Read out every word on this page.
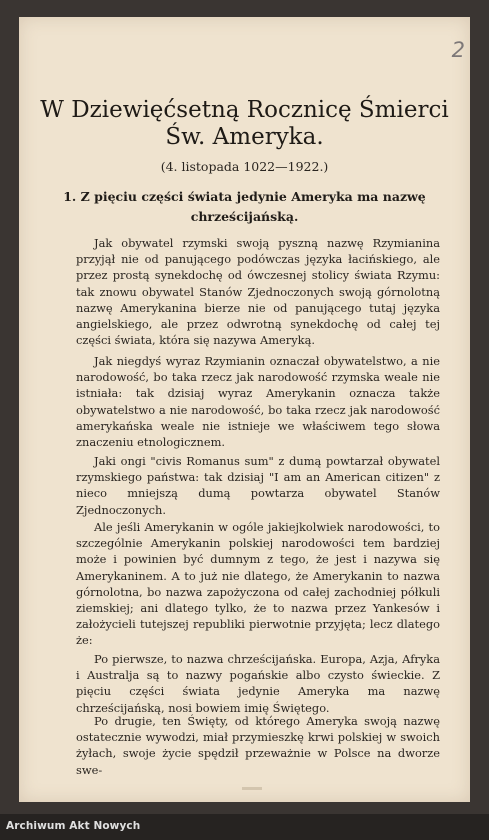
2
W Dziewięćsetną Rocznicę Śmierci
Św. Ameryka.
(4. listopada 1022—1922.)
1. Z pięciu części świata jedynie Ameryka ma nazwę chrześcijańską.

Jak obywatel rzymski swoją pyszną nazwę Rzymianina przyjął nie od panującego podówczas języka łacińskiego, ale przez prostą synekdochę od ówczesnej stolicy świata Rzymu: tak znowu obywatel Stanów Zjednoczonych swoją górnolotną nazwę Amerykanina bierze nie od panującego tutaj języka angielskiego, ale przez odwrotną synekdochę od całej tej części świata, która się nazywa Ameryką.

Jak niegdyś wyraz Rzymianin oznaczał obywatelstwo, a nie narodowość, bo taka rzecz jak narodowość rzymska weale nie istniała: tak dzisiaj wyraz Amerykanin oznacza także obywatelstwo a nie narodowość, bo taka rzecz jak narodowość amerykańska weale nie istnieje we właściwem tego słowa znaczeniu etnologicznem.

Jaki ongi "civis Romanus sum" z dumą powtarzał obywatel rzymskiego państwa: tak dzisiaj "I am an American citizen" z nieco mniejszą dumą powtarza obywatel Stanów Zjednoczonych.

Ale jeśli Amerykanin w ogóle jakiejkolwiek narodowości, to szczególnie Amerykanin polskiej narodowości tem bardziej może i powinien być dumnym z tego, że jest i nazywa się Amerykaninem. A to już nie dlatego, że Amerykanin to nazwa górnolotna, bo nazwa zapożyczona od całej zachodniej półkuli ziemskiej; ani dlatego tylko, że to nazwa przez Yankesów i założycieli tutejszej republiki pierwotnie przyjęta; lecz dlatego że:

Po pierwsze, to nazwa chrześcijańska. Europa, Azja, Afryka i Australja są to nazwy pogańskie albo czysto świeckie. Z pięciu części świata jedynie Ameryka ma nazwę chrześcijańską, nosi bowiem imię Świętego.

Po drugie, ten Święty, od którego Ameryka swoją nazwę ostatecznie wywodzi, miał przymieszkę krwi polskiej w swoich żyłach, swoje życie spędził przeważnie w Polsce na dworze swe-

Archiwum Akt Nowych
